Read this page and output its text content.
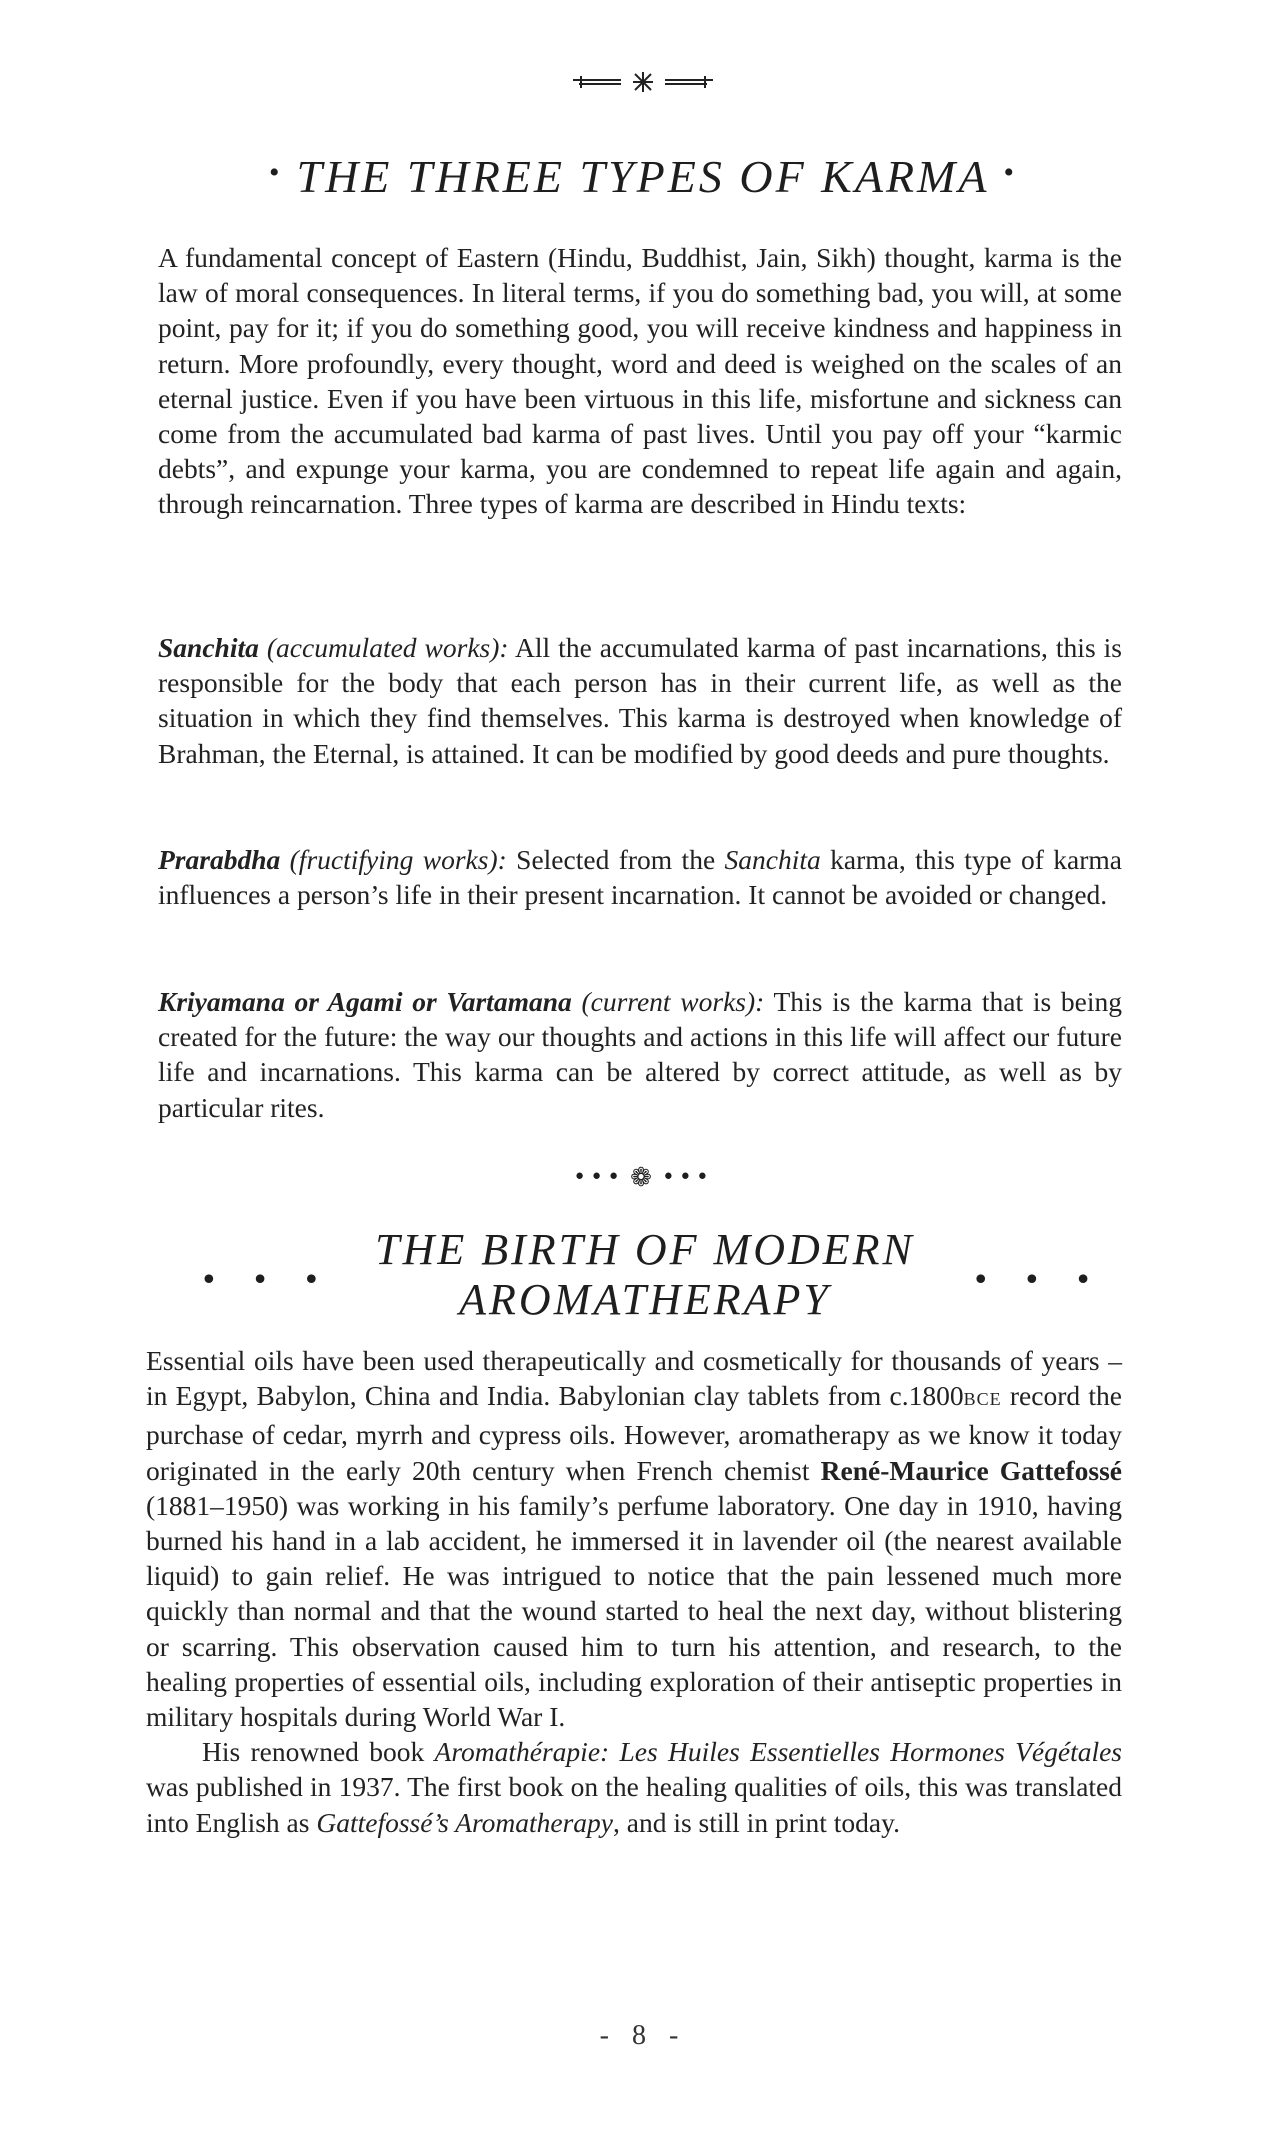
• THE THREE TYPES OF KARMA •

A fundamental concept of Eastern (Hindu, Buddhist, Jain, Sikh) thought, karma is the law of moral consequences. In literal terms, if you do something bad, you will, at some point, pay for it; if you do something good, you will receive kindness and happiness in return. More profoundly, every thought, word and deed is weighed on the scales of an eternal justice. Even if you have been virtuous in this life, misfortune and sickness can come from the accumulated bad karma of past lives. Until you pay off your “karmic debts”, and expunge your karma, you are condemned to repeat life again and again, through reincarnation. Three types of karma are described in Hindu texts:

Sanchita (accumulated works): All the accumulated karma of past incarnations, this is responsible for the body that each person has in their current life, as well as the situation in which they find themselves. This karma is destroyed when knowledge of Brahman, the Eternal, is attained. It can be modified by good deeds and pure thoughts.

Prarabdha (fructifying works): Selected from the Sanchita karma, this type of karma influences a person’s life in their present incarnation. It cannot be avoided or changed.

Kriyamana or Agami or Vartamana (current works): This is the karma that is being created for the future: the way our thoughts and actions in this life will affect our future life and incarnations. This karma can be altered by correct attitude, as well as by particular rites.

••• ❁ •••
• • •
THE BIRTH OF MODERN
AROMATHERAPY	• • •

Essential oils have been used therapeutically and cosmetically for thousands of years – in Egypt, Babylon, China and India. Babylonian clay tablets from c.1800BCE record the purchase of cedar, myrrh and cypress oils. However, aromatherapy as we know it today originated in the early 20th century when French chemist René-Maurice Gattefossé (1881–1950) was working in his family’s perfume laboratory. One day in 1910, having burned his hand in a lab accident, he immersed it in lavender oil (the nearest available liquid) to gain relief. He was intrigued to notice that the pain lessened much more quickly than normal and that the wound started to heal the next day, without blistering or scarring. This observation caused him to turn his attention, and research, to the healing properties of essential oils, including exploration of their antiseptic properties in military hospitals during World War I.

His renowned book Aromathérapie: Les Huiles Essentielles Hormones Végétales was published in 1937. The first book on the healing qualities of oils, this was translated into English as Gattefossé’s Aromatherapy, and is still in print today.

- 8 -
